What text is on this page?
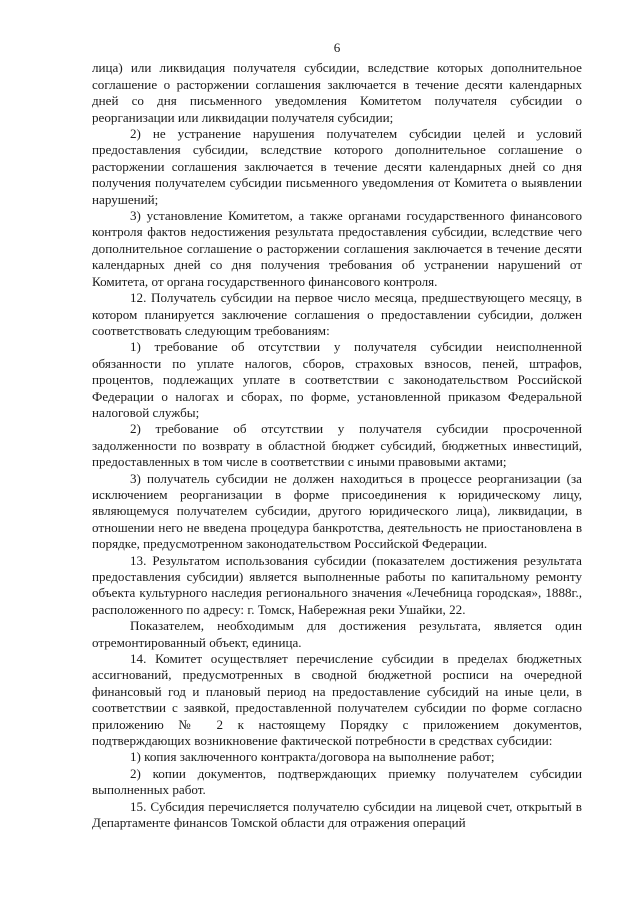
6

лица) или ликвидация получателя субсидии, вследствие которых дополнительное соглашение о расторжении соглашения заключается в течение десяти календарных дней со дня письменного уведомления Комитетом получателя субсидии о реорганизации или ликвидации получателя субсидии;

2) не устранение нарушения получателем субсидии целей и условий предоставления субсидии, вследствие которого дополнительное соглашение о расторжении соглашения заключается в течение десяти календарных дней со дня получения получателем субсидии письменного уведомления от Комитета о выявлении нарушений;

3) установление Комитетом, а также органами государственного финансового контроля фактов недостижения результата предоставления субсидии, вследствие чего дополнительное соглашение о расторжении соглашения заключается в течение десяти календарных дней со дня получения требования об устранении нарушений от Комитета, от органа государственного финансового контроля.

12. Получатель субсидии на первое число месяца, предшествующего месяцу, в котором планируется заключение соглашения о предоставлении субсидии, должен соответствовать следующим требованиям:

1) требование об отсутствии у получателя субсидии неисполненной обязанности по уплате налогов, сборов, страховых взносов, пеней, штрафов, процентов, подлежащих уплате в соответствии с законодательством Российской Федерации о налогах и сборах, по форме, установленной приказом Федеральной налоговой службы;

2) требование об отсутствии у получателя субсидии просроченной задолженности по возврату в областной бюджет субсидий, бюджетных инвестиций, предоставленных в том числе в соответствии с иными правовыми актами;

3) получатель субсидии не должен находиться в процессе реорганизации (за исключением реорганизации в форме присоединения к юридическому лицу, являющемуся получателем субсидии, другого юридического лица), ликвидации, в отношении него не введена процедура банкротства, деятельность не приостановлена в порядке, предусмотренном законодательством Российской Федерации.

13. Результатом использования субсидии (показателем достижения результата предоставления субсидии) является выполненные работы по капитальному ремонту объекта культурного наследия регионального значения «Лечебница городская», 1888г., расположенного по адресу: г. Томск, Набережная реки Ушайки, 22.

Показателем, необходимым для достижения результата, является один отремонтированный объект, единица.

14. Комитет осуществляет перечисление субсидии в пределах бюджетных ассигнований, предусмотренных в сводной бюджетной росписи на очередной финансовый год и плановый период на предоставление субсидий на иные цели, в соответствии с заявкой, предоставленной получателем субсидии по форме согласно приложению № 2 к настоящему Порядку с приложением документов, подтверждающих возникновение фактической потребности в средствах субсидии:

1) копия заключенного контракта/договора на выполнение работ;

2) копии документов, подтверждающих приемку получателем субсидии выполненных работ.

15. Субсидия перечисляется получателю субсидии на лицевой счет, открытый в Департаменте финансов Томской области для отражения операций
